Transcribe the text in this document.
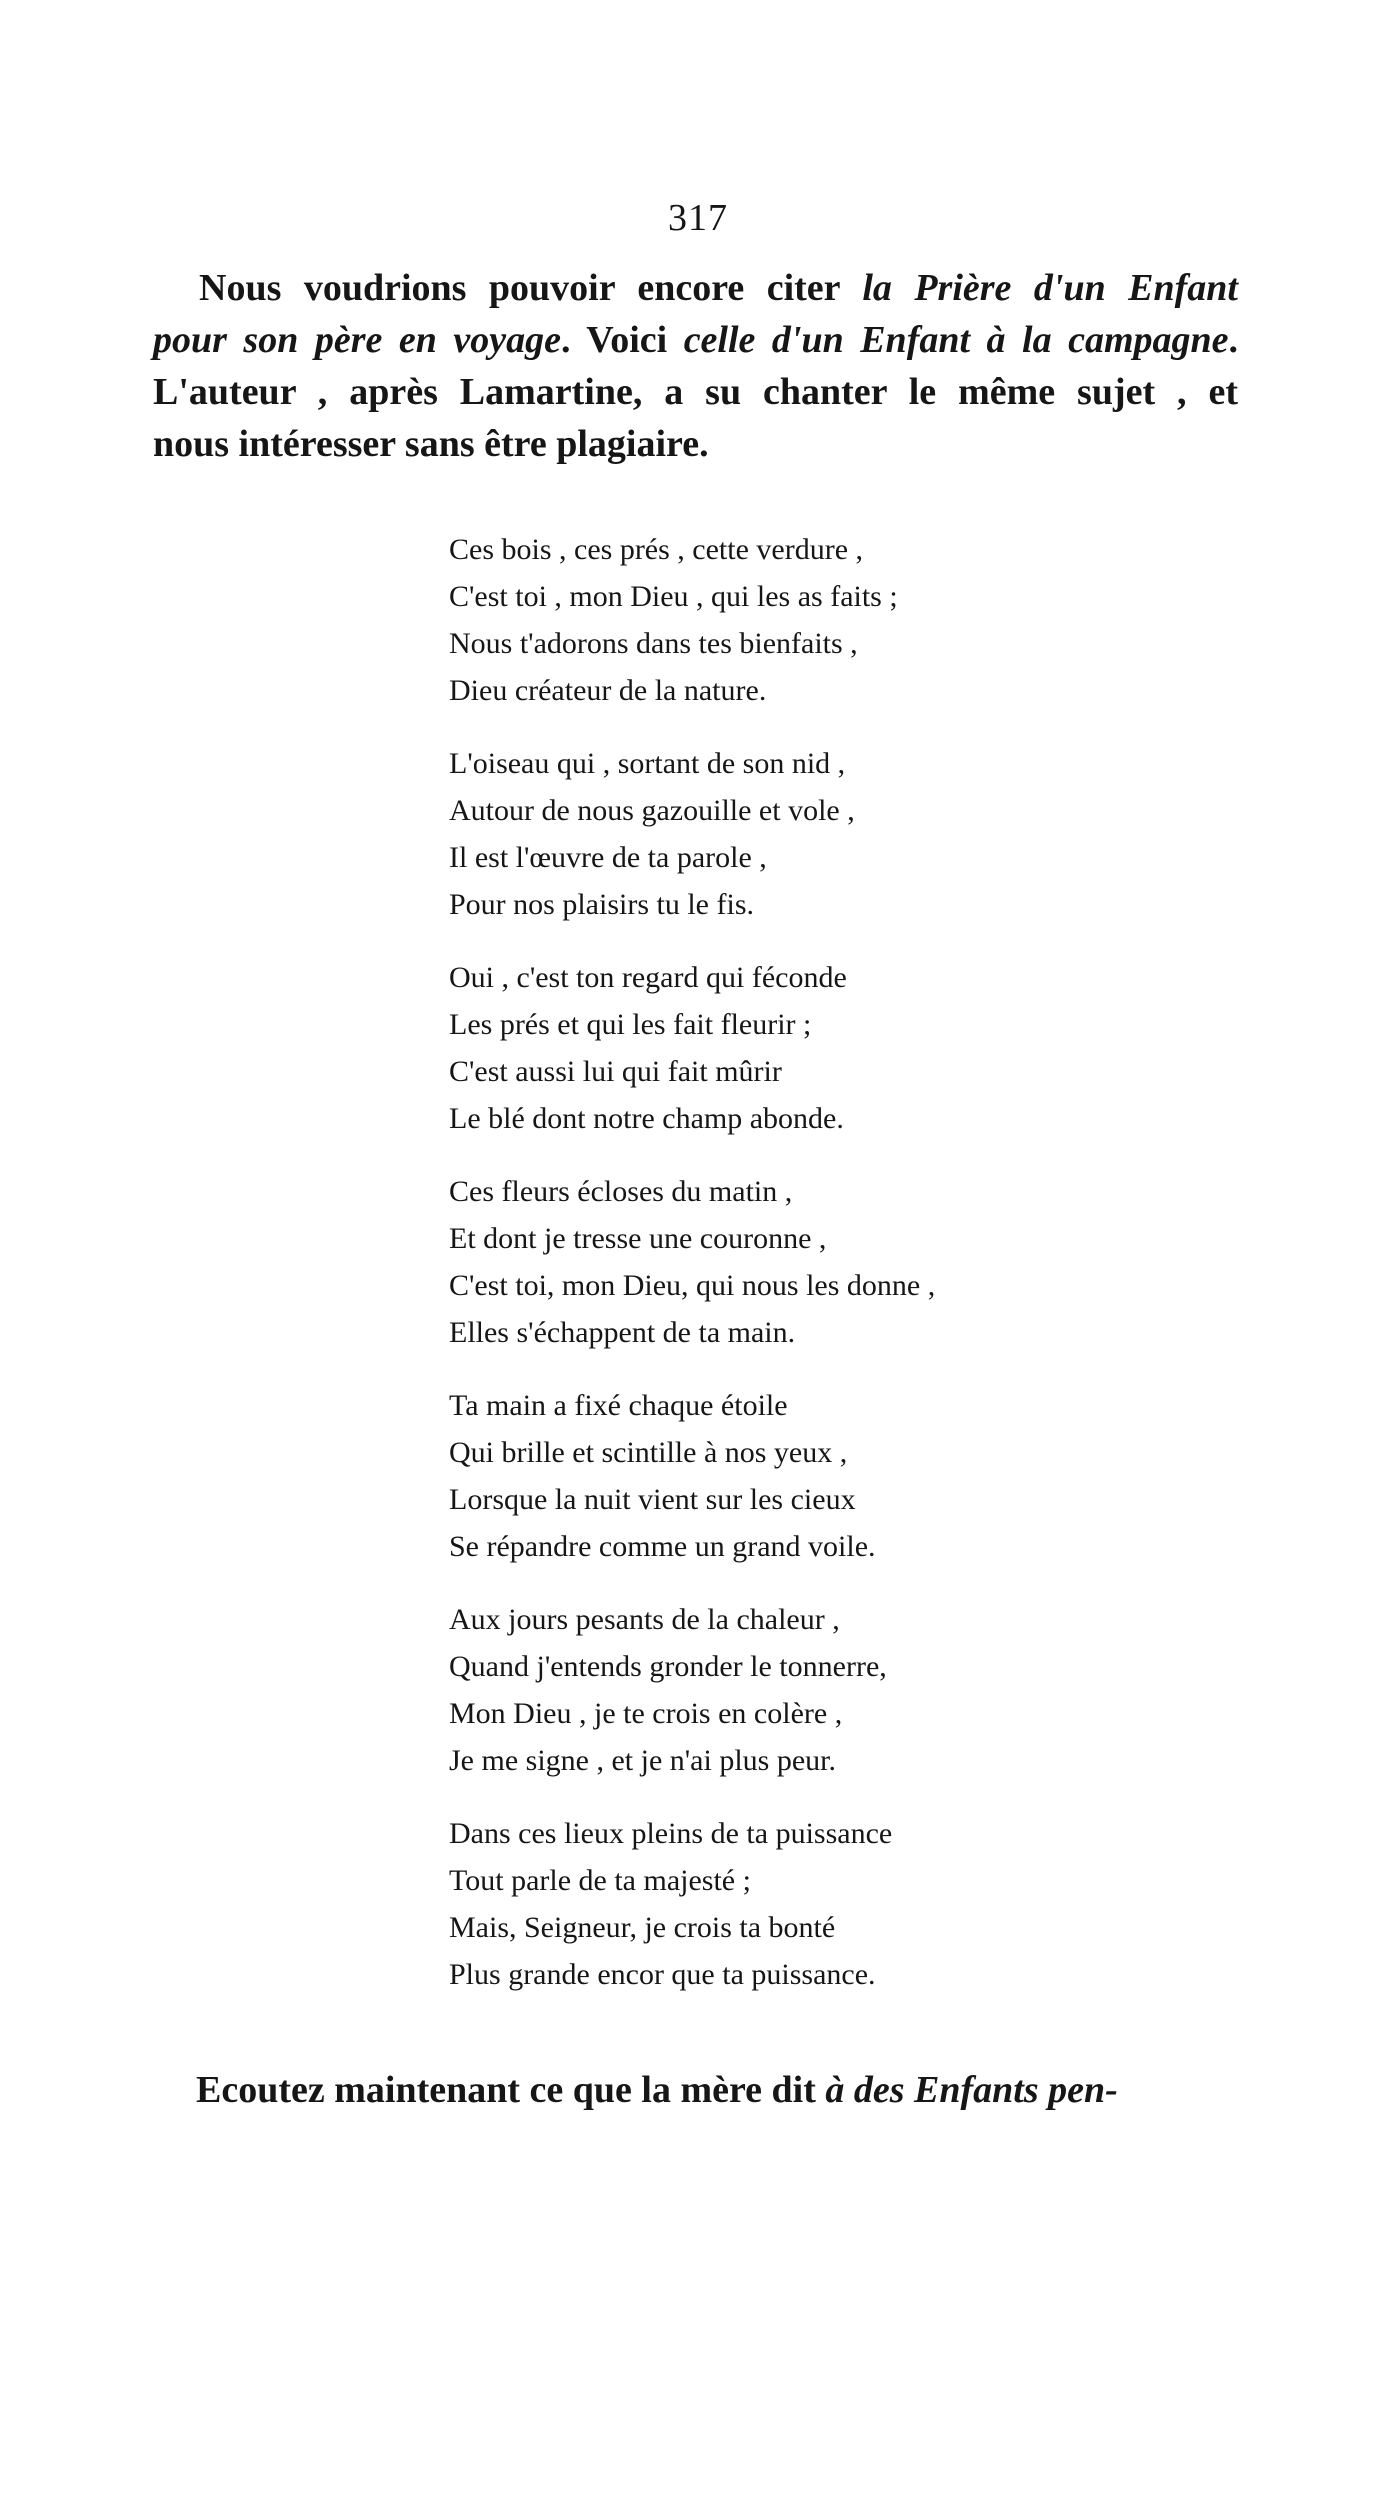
317
Nous voudrions pouvoir encore citer la Prière d'un Enfant
pour son père en voyage. Voici celle d'un Enfant à la campagne.
L'auteur , après Lamartine, a su chanter le même sujet , et
nous intéresser sans être plagiaire.
Ces bois , ces prés , cette verdure ,
C'est toi , mon Dieu , qui les as faits ;
Nous t'adorons dans tes bienfaits ,
Dieu créateur de la nature.
L'oiseau qui , sortant de son nid ,
Autour de nous gazouille et vole ,
Il est l'œuvre de ta parole ,
Pour nos plaisirs tu le fis.
Oui , c'est ton regard qui féconde
Les prés et qui les fait fleurir ;
C'est aussi lui qui fait mûrir
Le blé dont notre champ abonde.
Ces fleurs écloses du matin ,
Et dont je tresse une couronne ,
C'est toi, mon Dieu, qui nous les donne ,
Elles s'échappent de ta main.
Ta main a fixé chaque étoile
Qui brille et scintille à nos yeux ,
Lorsque la nuit vient sur les cieux
Se répandre comme un grand voile.
Aux jours pesants de la chaleur ,
Quand j'entends gronder le tonnerre,
Mon Dieu , je te crois en colère ,
Je me signe , et je n'ai plus peur.
Dans ces lieux pleins de ta puissance
Tout parle de ta majesté ;
Mais, Seigneur, je crois ta bonté
Plus grande encor que ta puissance.
Ecoutez maintenant ce que la mère dit à des Enfants pen-
